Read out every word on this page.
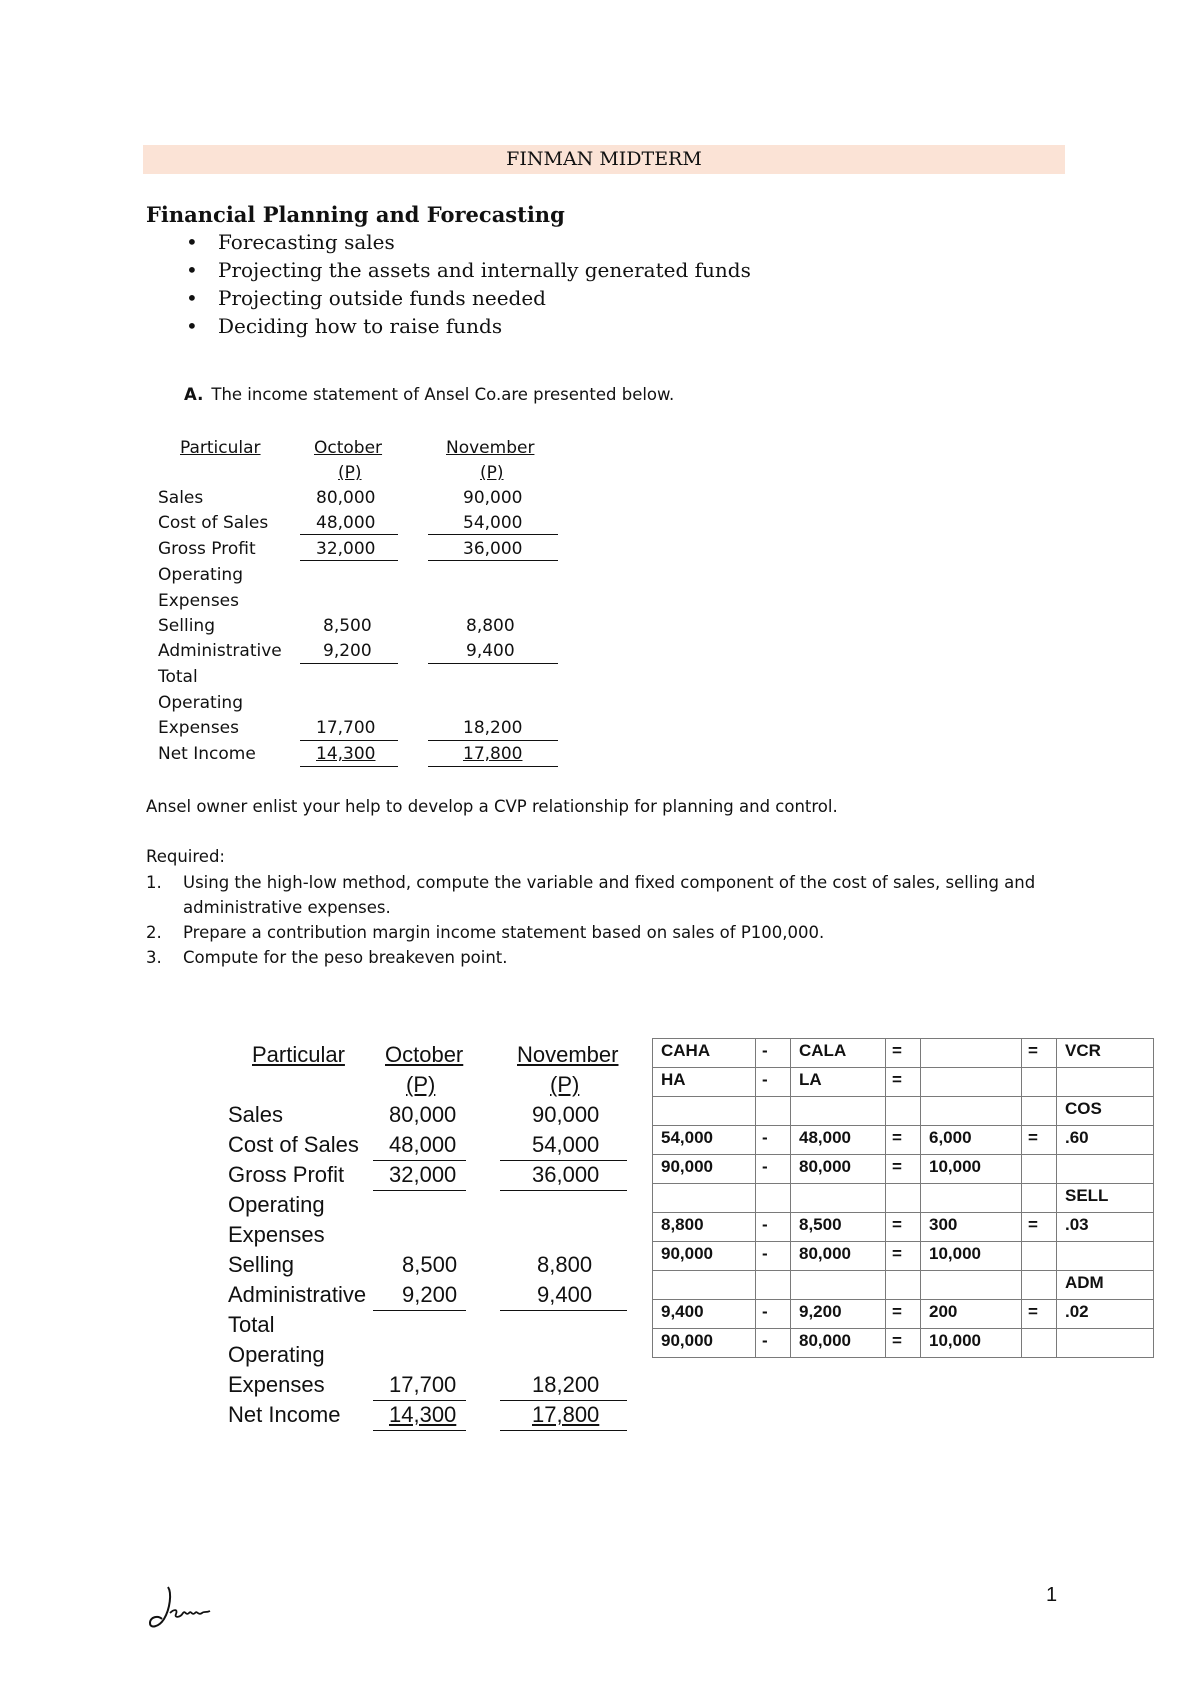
FINMAN MIDTERM
Financial Planning and Forecasting
• Forecasting sales
• Projecting the assets and internally generated funds
• Projecting outside funds needed
• Deciding how to raise funds
A. The income statement of Ansel Co.are presented below.
Particular	October	November
(P)	(P)
Sales	80,000	90,000
Cost of Sales	48,000	54,000
Gross Profit	32,000	36,000
Operating
Expenses
Selling	8,500	8,800
Administrative 9,200	9,400
Total
Operating
Expenses	17,700	18,200
Net Income	14,300	17,800
Ansel owner enlist your help to develop a CVP relationship for planning and control.
Required:
1. Using the high-low method, compute the variable and fixed component of the cost of sales, selling and administrative expenses.
2. Prepare a contribution margin income statement based on sales of P100,000.
3. Compute for the peso breakeven point.
Particular October November
(P)	(P)
Sales	80,000	90,000
Cost of Sales 48,000	54,000
Gross Profit 32,000	36,000
Operating
Expenses
Selling	8,500	8,800
Administrative 9,200	9,400
Total
Operating
Expenses	17,700	18,200
Net Income 14,300	17,800
CAHA	-	CALA	=		=	VCR
HA	-	LA	=			
						COS
54,000	-	48,000	=	6,000	=	.60
90,000	-	80,000	=	10,000		
						SELL
8,800	-	8,500	=	300	=	.03
90,000	-	80,000	=	10,000		
						ADM
9,400	-	9,200	=	200	=	.02
90,000	-	80,000	=	10,000		
1
